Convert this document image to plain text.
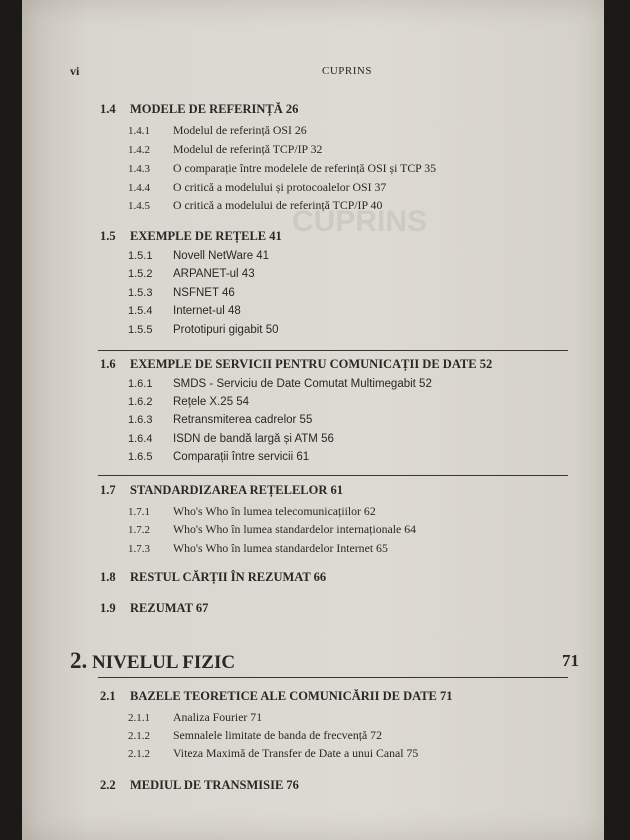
CUPRINS
vi	CUPRINS
1.4 MODELE DE REFERINȚĂ 26
1.4.1 Modelul de referință OSI 26
1.4.2 Modelul de referință TCP/IP 32
1.4.3 O comparație între modelele de referință OSI și TCP 35
1.4.4 O critică a modelului și protocoalelor OSI 37
1.4.5 O critică a modelului de referință TCP/IP 40
1.5 EXEMPLE DE REȚELE 41
1.5.1 Novell NetWare 41
1.5.2 ARPANET-ul 43
1.5.3 NSFNET 46
1.5.4 Internet-ul 48
1.5.5 Prototipuri gigabit 50
1.6 EXEMPLE DE SERVICII PENTRU COMUNICAȚII DE DATE 52
1.6.1 SMDS - Serviciu de Date Comutat Multimegabit 52
1.6.2 Rețele X.25 54
1.6.3 Retransmiterea cadrelor 55
1.6.4 ISDN de bandă largă și ATM 56
1.6.5 Comparații între servicii 61
1.7 STANDARDIZAREA REȚELELOR 61
1.7.1 Who's Who în lumea telecomunicațiilor 62
1.7.2 Who's Who în lumea standardelor internaționale 64
1.7.3 Who's Who în lumea standardelor Internet 65
1.8 RESTUL CĂRȚII ÎN REZUMAT 66
1.9 REZUMAT 67
2. NIVELUL FIZIC	71
2.1 BAZELE TEORETICE ALE COMUNICĂRII DE DATE 71
2.1.1 Analiza Fourier 71
2.1.2 Semnalele limitate de banda de frecvență 72
2.1.2 Viteza Maximă de Transfer de Date a unui Canal 75
2.2 MEDIUL DE TRANSMISIE 76
